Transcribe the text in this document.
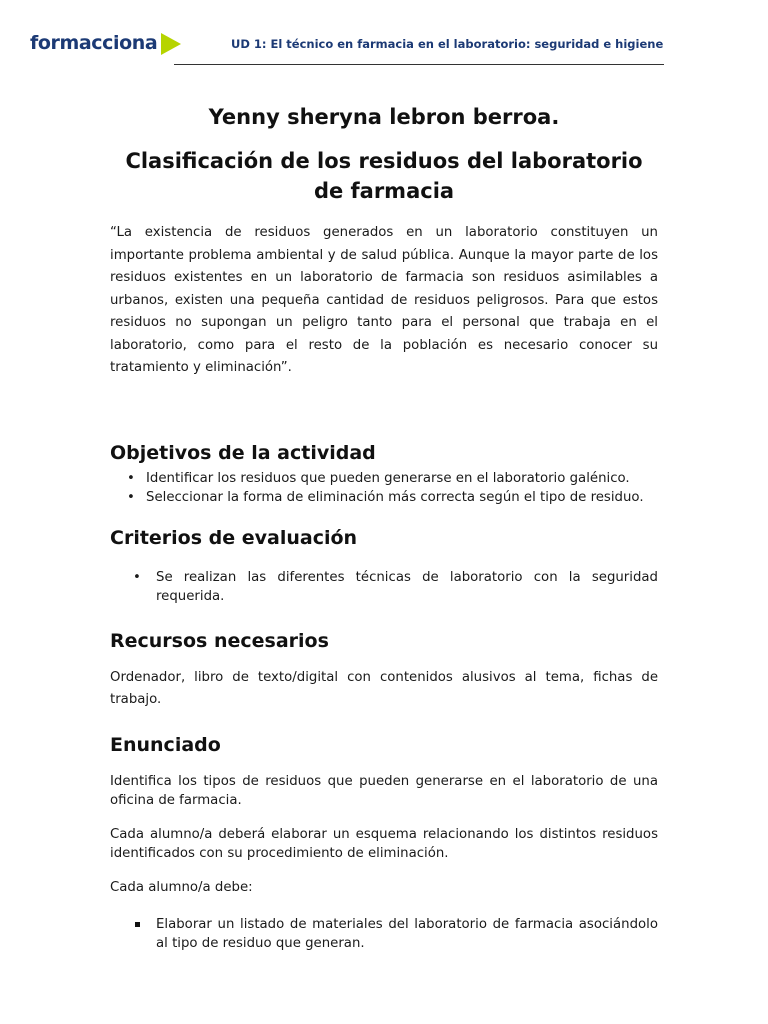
formacciona	UD 1: El técnico en farmacia en el laboratorio: seguridad e higiene
Yenny sheryna lebron berroa.
Clasificación de los residuos del laboratorio de farmacia

“La existencia de residuos generados en un laboratorio constituyen un importante problema ambiental y de salud pública. Aunque la mayor parte de los residuos existentes en un laboratorio de farmacia son residuos asimilables a urbanos, existen una pequeña cantidad de residuos peligrosos. Para que estos residuos no supongan un peligro tanto para el personal que trabaja en el laboratorio, como para el resto de la población es necesario conocer su tratamiento y eliminación”.

Objetivos de la actividad
• Identificar los residuos que pueden generarse en el laboratorio galénico.
• Seleccionar la forma de eliminación más correcta según el tipo de residuo.
Criterios de evaluación
• Se realizan las diferentes técnicas de laboratorio con la seguridad requerida.
Recursos necesarios

Ordenador, libro de texto/digital con contenidos alusivos al tema, fichas de trabajo.

Enunciado

Identifica los tipos de residuos que pueden generarse en el laboratorio de una oficina de farmacia.

Cada alumno/a deberá elaborar un esquema relacionando los distintos residuos identificados con su procedimiento de eliminación.

Cada alumno/a debe:

Elaborar un listado de materiales del laboratorio de farmacia asociándolo al tipo de residuo que generan.
